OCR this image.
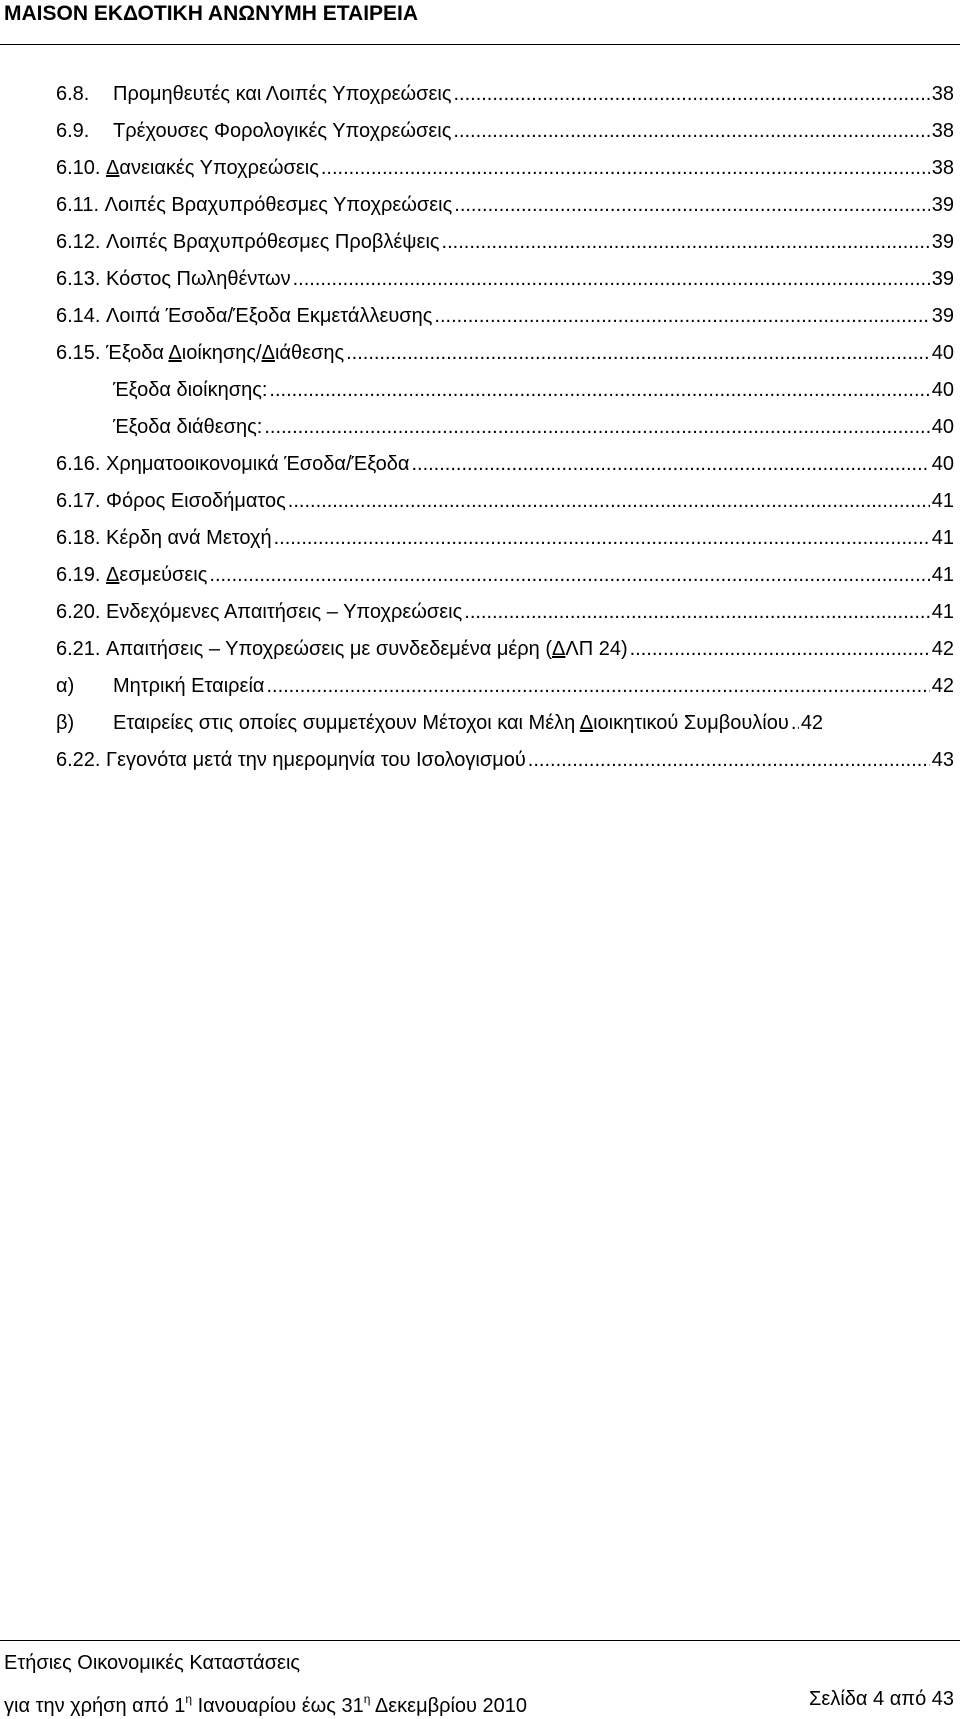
MAISON ΕΚΔΟΤΙΚΗ ΑΝΩΝΥΜΗ ΕΤΑΙΡΕΙΑ
6.8.	Προμηθευτές και Λοιπές Υποχρεώσεις .....	38
6.9.	Τρέχουσες Φορολογικές Υποχρεώσεις .....	38
6.10. Δανειακές Υποχρεώσεις .....	38
6.11. Λοιπές Βραχυπρόθεσμες Υποχρεώσεις .....	39
6.12. Λοιπές Βραχυπρόθεσμες Προβλέψεις .....	39
6.13. Κόστος Πωληθέντων .....	39
6.14. Λοιπά Έσοδα/Έξοδα Εκμετάλλευσης .....	39
6.15. Έξοδα Διοίκησης/Διάθεσης .....	40
Έξοδα διοίκησης: .....	40
Έξοδα διάθεσης: .....	40
6.16. Χρηματοοικονομικά Έσοδα/Έξοδα .....	40
6.17. Φόρος Εισοδήματος .....	41
6.18. Κέρδη ανά Μετοχή .....	41
6.19. Δεσμεύσεις .....	41
6.20. Ενδεχόμενες Απαιτήσεις – Υποχρεώσεις .....	41
6.21. Απαιτήσεις – Υποχρεώσεις με συνδεδεμένα μέρη (ΔΛΠ 24) .....	42
α)	Μητρική Εταιρεία .....	42
β)	Εταιρείες στις οποίες συμμετέχουν Μέτοχοι και Μέλη Διοικητικού Συμβουλίου ..... 42
6.22. Γεγονότα μετά την ημερομηνία του Ισολογισμού .....	43
Ετήσιες Οικονομικές Καταστάσεις
για την χρήση από $1^\eta$ Ιανουαρίου έως $31^\eta$ Δεκεμβρίου 2010	Σελίδα 4 από 43
